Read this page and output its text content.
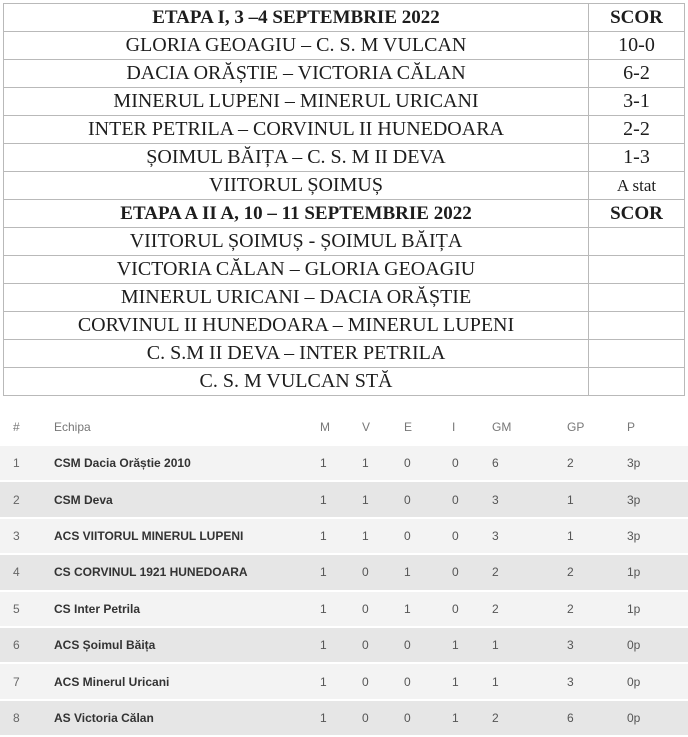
ETAPA I, 3 –4 SEPTEMBRIE 2022	SCOR
GLORIA GEOAGIU – C. S. M VULCAN	10-0
DACIA ORĂȘTIE – VICTORIA CĂLAN	6-2
MINERUL LUPENI – MINERUL URICANI	3-1
INTER PETRILA – CORVINUL II HUNEDOARA	2-2
ȘOIMUL BĂIȚA – C. S. M II DEVA	1-3
VIITORUL ȘOIMUȘ	A stat
ETAPA A II A, 10 – 11 SEPTEMBRIE 2022	SCOR
VIITORUL ȘOIMUȘ - ȘOIMUL BĂIȚA	
VICTORIA CĂLAN – GLORIA GEOAGIU	
MINERUL URICANI – DACIA ORĂȘTIE	
CORVINUL II HUNEDOARA – MINERUL LUPENI	
C. S.M II DEVA – INTER PETRILA	
C. S. M VULCAN STĂ	
#	Echipa	M	V	E	I	GM	GP	P
1	CSM Dacia Orăștie 2010	1	1	0	0	6	2	3p
2	CSM Deva	1	1	0	0	3	1	3p
3	ACS VIITORUL MINERUL LUPENI	1	1	0	0	3	1	3p
4	CS CORVINUL 1921 HUNEDOARA	1	0	1	0	2	2	1p
5	CS Inter Petrila	1	0	1	0	2	2	1p
6	ACS Șoimul Băița	1	0	0	1	1	3	0p
7	ACS Minerul Uricani	1	0	0	1	1	3	0p
8	AS Victoria Călan	1	0	0	1	2	6	0p
